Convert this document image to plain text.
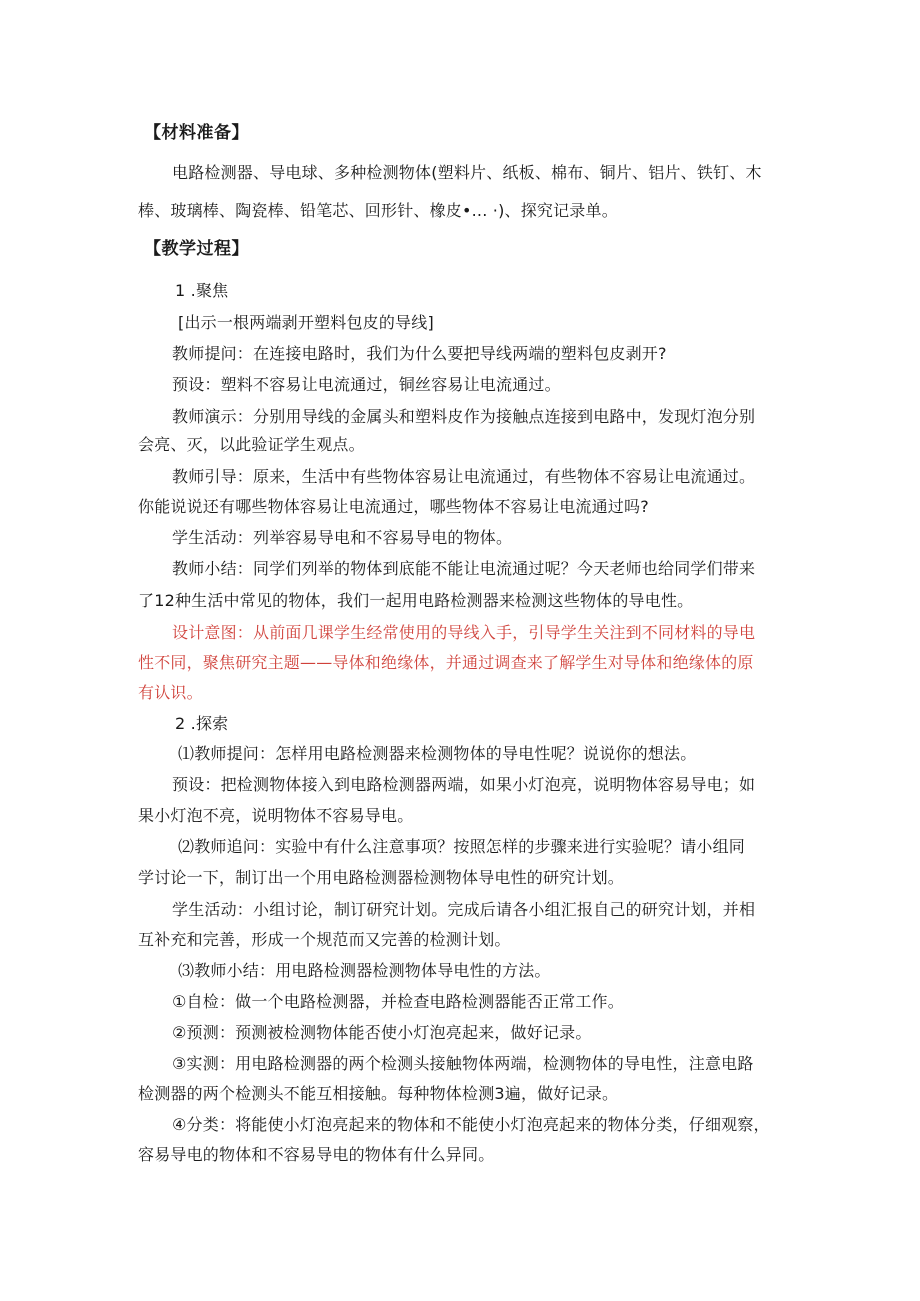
【材料准备】
电路检测器、导电球、多种检测物体(塑料片、纸板、棉布、铜片、铝片、铁钉、木
棒、玻璃棒、陶瓷棒、铅笔芯、回形针、橡皮•... ·)、探究记录单。
【教学过程】
1 .聚焦
[出示一根两端剥开塑料包皮的导线]
教师提问：在连接电路时，我们为什么要把导线两端的塑料包皮剥开?
预设：塑料不容易让电流通过，铜丝容易让电流通过。
教师演示：分别用导线的金属头和塑料皮作为接触点连接到电路中，发现灯泡分别
会亮、灭，以此验证学生观点。
教师引导：原来，生活中有些物体容易让电流通过，有些物体不容易让电流通过。
你能说说还有哪些物体容易让电流通过，哪些物体不容易让电流通过吗?
学生活动：列举容易导电和不容易导电的物体。
教师小结：同学们列举的物体到底能不能让电流通过呢？今天老师也给同学们带来
了12种生活中常见的物体，我们一起用电路检测器来检测这些物体的导电性。
设计意图：从前面几课学生经常使用的导线入手，引导学生关注到不同材料的导电
性不同，聚焦研究主题——导体和绝缘体，并通过调查来了解学生对导体和绝缘体的原
有认识。
2 .探索
⑴教师提问：怎样用电路检测器来检测物体的导电性呢？说说你的想法。
预设：把检测物体接入到电路检测器两端，如果小灯泡亮，说明物体容易导电；如
果小灯泡不亮，说明物体不容易导电。
⑵教师追问：实验中有什么注意事项？按照怎样的步骤来进行实验呢？请小组同
学讨论一下，制订出一个用电路检测器检测物体导电性的研究计划。
学生活动：小组讨论，制订研究计划。完成后请各小组汇报自己的研究计划，并相
互补充和完善，形成一个规范而又完善的检测计划。
⑶教师小结：用电路检测器检测物体导电性的方法。
①自检：做一个电路检测器，并检查电路检测器能否正常工作。
②预测：预测被检测物体能否使小灯泡亮起来，做好记录。
③实测：用电路检测器的两个检测头接触物体两端，检测物体的导电性，注意电路
检测器的两个检测头不能互相接触。每种物体检测3遍，做好记录。
④分类：将能使小灯泡亮起来的物体和不能使小灯泡亮起来的物体分类，仔细观察，
容易导电的物体和不容易导电的物体有什么异同。
